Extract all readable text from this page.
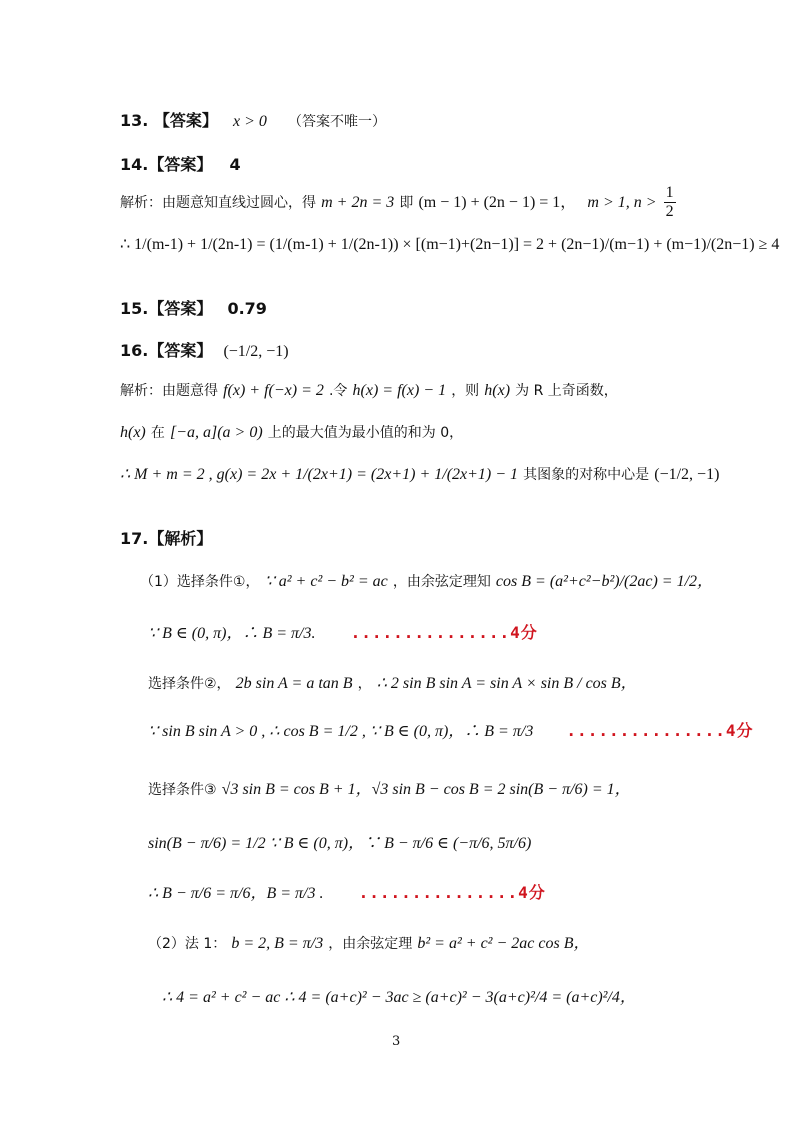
13. 【答案】 x > 0 （答案不唯一）
14.【答案】 4
解析：由题意知直线过圆心，得 m + 2n = 3 即 (m − 1) + (2n − 1) = 1， m > 1, $n > \frac{1}{2}$
∴ 1/(m-1) + 1/(2n-1) = (1/(m-1) + 1/(2n-1)) × [(m−1)+(2n−1)] = 2 + (2n−1)/(m−1) + (m−1)/(2n−1) ≥ 4
15.【答案】 0.79
16.【答案】 (−1/2, −1)
解析：由题意得 f(x) + f(−x) = 2 .令 h(x) = f(x) − 1 ，则 h(x) 为 R 上奇函数，
h(x) 在 [−a, a](a > 0) 上的最大值为最小值的和为 0，
∴ M + m = 2 , g(x) = 2x + 1/(2x+1) = (2x+1) + 1/(2x+1) − 1 其图象的对称中心是 (−1/2, −1)
17.【解析】
（1）选择条件①， ∵ a² + c² − b² = ac ，由余弦定理知 cos B = (a²+c²−b²)/(2ac) = 1/2，
∵ B ∈ (0, π)，∴ B = π/3. ...............4分
选择条件②， 2b sin A = a tan B ， ∴ 2 sin B sin A = sin A × sin B / cos B，
∵ sin B sin A > 0 , ∴ cos B = 1/2 , ∵ B ∈ (0, π)，∴ B = π/3 ...............4分
选择条件③ √3 sin B = cos B + 1，√3 sin B − cos B = 2 sin(B − π/6) = 1，
sin(B − π/6) = 1/2 ∵ B ∈ (0, π)，∵ B − π/6 ∈ (−π/6, 5π/6)
∴ B − π/6 = π/6，B = π/3 . ...............4分
（2）法 1： b = 2, B = π/3 ，由余弦定理 b² = a² + c² − 2ac cos B，
∴ 4 = a² + c² − ac ∴ 4 = (a+c)² − 3ac ≥ (a+c)² − 3(a+c)²/4 = (a+c)²/4，
3
